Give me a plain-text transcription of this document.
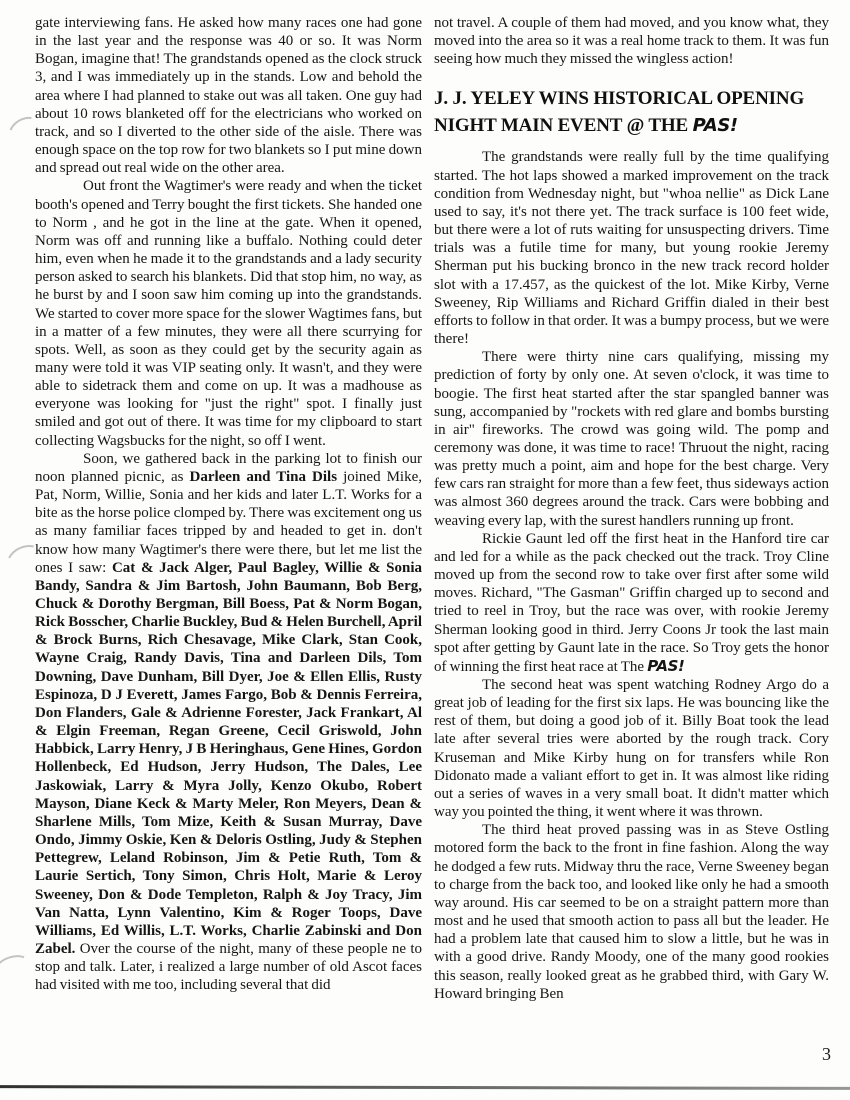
gate interviewing fans. He asked how many races one had gone in the last year and the response was 40 or so. It was Norm Bogan, imagine that! The grandstands opened as the clock struck 3, and I was immediately up in the stands. Low and behold the area where I had planned to stake out was all taken. One guy had about 10 rows blanketed off for the electricians who worked on track, and so I diverted to the other side of the aisle. There was enough space on the top row for two blankets so I put mine down and spread out real wide on the other area.

Out front the Wagtimer's were ready and when the ticket booth's opened and Terry bought the first tickets. She handed one to Norm , and he got in the line at the gate. When it opened, Norm was off and running like a buffalo. Nothing could deter him, even when he made it to the grandstands and a lady security person asked to search his blankets. Did that stop him, no way, as he burst by and I soon saw him coming up into the grandstands. We started to cover more space for the slower Wagtimes fans, but in a matter of a few minutes, they were all there scurrying for spots. Well, as soon as they could get by the security again as many were told it was VIP seating only. It wasn't, and they were able to sidetrack them and come on up. It was a madhouse as everyone was looking for "just the right" spot. I finally just smiled and got out of there. It was time for my clipboard to start collecting Wagsbucks for the night, so off I went.

Soon, we gathered back in the parking lot to finish our noon planned picnic, as Darleen and Tina Dils joined Mike, Pat, Norm, Willie, Sonia and her kids and later L.T. Works for a bite as the horse police clomped by. There was excitement ong us as many familiar faces tripped by and headed to get in. don't know how many Wagtimer's there were there, but let me list the ones I saw: Cat & Jack Alger, Paul Bagley, Willie & Sonia Bandy, Sandra & Jim Bartosh, John Baumann, Bob Berg, Chuck & Dorothy Bergman, Bill Boess, Pat & Norm Bogan, Rick Bosscher, Charlie Buckley, Bud & Helen Burchell, April & Brock Burns, Rich Chesavage, Mike Clark, Stan Cook, Wayne Craig, Randy Davis, Tina and Darleen Dils, Tom Downing, Dave Dunham, Bill Dyer, Joe & Ellen Ellis, Rusty Espinoza, D J Everett, James Fargo, Bob & Dennis Ferreira, Don Flanders, Gale & Adrienne Forester, Jack Frankart, Al & Elgin Freeman, Regan Greene, Cecil Griswold, John Habbick, Larry Henry, J B Heringhaus, Gene Hines, Gordon Hollenbeck, Ed Hudson, Jerry Hudson, The Dales, Lee Jaskowiak, Larry & Myra Jolly, Kenzo Okubo, Robert Mayson, Diane Keck & Marty Meler, Ron Meyers, Dean & Sharlene Mills, Tom Mize, Keith & Susan Murray, Dave Ondo, Jimmy Oskie, Ken & Deloris Ostling, Judy & Stephen Pettegrew, Leland Robinson, Jim & Petie Ruth, Tom & Laurie Sertich, Tony Simon, Chris Holt, Marie & Leroy Sweeney, Don & Dode Templeton, Ralph & Joy Tracy, Jim Van Natta, Lynn Valentino, Kim & Roger Toops, Dave Williams, Ed Willis, L.T. Works, Charlie Zabinski and Don Zabel. Over the course of the night, many of these people ne to stop and talk. Later, i realized a large number of old Ascot faces had visited with me too, including several that did

not travel. A couple of them had moved, and you know what, they moved into the area so it was a real home track to them. It was fun seeing how much they missed the wingless action!

J. J. YELEY WINS HISTORICAL OPENING
NIGHT MAIN EVENT @ THE PAS!

The grandstands were really full by the time qualifying started. The hot laps showed a marked improvement on the track condition from Wednesday night, but "whoa nellie" as Dick Lane used to say, it's not there yet. The track surface is 100 feet wide, but there were a lot of ruts waiting for unsuspecting drivers. Time trials was a futile time for many, but young rookie Jeremy Sherman put his bucking bronco in the new track record holder slot with a 17.457, as the quickest of the lot. Mike Kirby, Verne Sweeney, Rip Williams and Richard Griffin dialed in their best efforts to follow in that order. It was a bumpy process, but we were there!

There were thirty nine cars qualifying, missing my prediction of forty by only one. At seven o'clock, it was time to boogie. The first heat started after the star spangled banner was sung, accompanied by "rockets with red glare and bombs bursting in air" fireworks. The crowd was going wild. The pomp and ceremony was done, it was time to race! Thruout the night, racing was pretty much a point, aim and hope for the best charge. Very few cars ran straight for more than a few feet, thus sideways action was almost 360 degrees around the track. Cars were bobbing and weaving every lap, with the surest handlers running up front.

Rickie Gaunt led off the first heat in the Hanford tire car and led for a while as the pack checked out the track. Troy Cline moved up from the second row to take over first after some wild moves. Richard, "The Gasman" Griffin charged up to second and tried to reel in Troy, but the race was over, with rookie Jeremy Sherman looking good in third. Jerry Coons Jr took the last main spot after getting by Gaunt late in the race. So Troy gets the honor of winning the first heat race at The PAS!

The second heat was spent watching Rodney Argo do a great job of leading for the first six laps. He was bouncing like the rest of them, but doing a good job of it. Billy Boat took the lead late after several tries were aborted by the rough track. Cory Kruseman and Mike Kirby hung on for transfers while Ron Didonato made a valiant effort to get in. It was almost like riding out a series of waves in a very small boat. It didn't matter which way you pointed the thing, it went where it was thrown.

The third heat proved passing was in as Steve Ostling motored form the back to the front in fine fashion. Along the way he dodged a few ruts. Midway thru the race, Verne Sweeney began to charge from the back too, and looked like only he had a smooth way around. His car seemed to be on a straight pattern more than most and he used that smooth action to pass all but the leader. He had a problem late that caused him to slow a little, but he was in with a good drive. Randy Moody, one of the many good rookies this season, really looked great as he grabbed third, with Gary W. Howard bringing Ben

3
